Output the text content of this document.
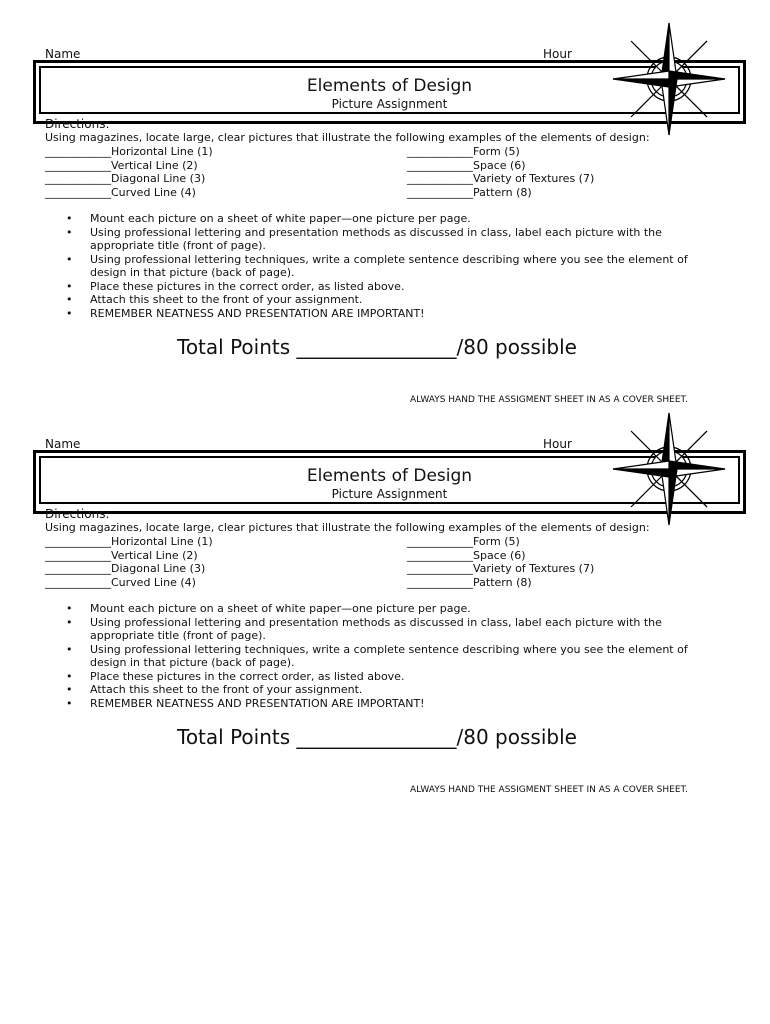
Name	Hour
Elements of Design
Picture Assignment
Directions:
Using magazines, locate large, clear pictures that illustrate the following examples of the elements of design:
____________Horizontal Line (1)
____________Vertical Line (2)
____________Diagonal Line (3)
____________Curved Line (4)
____________Form (5)
____________Space (6)
____________Variety of Textures (7)
____________Pattern (8)
• Mount each picture on a sheet of white paper—one picture per page.
• Using professional lettering and presentation methods as discussed in class, label each picture with the appropriate title (front of page).
• Using professional lettering techniques, write a complete sentence describing where you see the element of design in that picture (back of page).
• Place these pictures in the correct order, as listed above.
• Attach this sheet to the front of your assignment.
• REMEMBER NEATNESS AND PRESENTATION ARE IMPORTANT!
Total Points ________________/80 possible
ALWAYS HAND THE ASSIGMENT SHEET IN AS A COVER SHEET.
Name	Hour
Elements of Design
Picture Assignment
Directions:
Using magazines, locate large, clear pictures that illustrate the following examples of the elements of design:
____________Horizontal Line (1)
____________Vertical Line (2)
____________Diagonal Line (3)
____________Curved Line (4)
____________Form (5)
____________Space (6)
____________Variety of Textures (7)
____________Pattern (8)
• Mount each picture on a sheet of white paper—one picture per page.
• Using professional lettering and presentation methods as discussed in class, label each picture with the appropriate title (front of page).
• Using professional lettering techniques, write a complete sentence describing where you see the element of design in that picture (back of page).
• Place these pictures in the correct order, as listed above.
• Attach this sheet to the front of your assignment.
• REMEMBER NEATNESS AND PRESENTATION ARE IMPORTANT!
Total Points ________________/80 possible
ALWAYS HAND THE ASSIGMENT SHEET IN AS A COVER SHEET.
